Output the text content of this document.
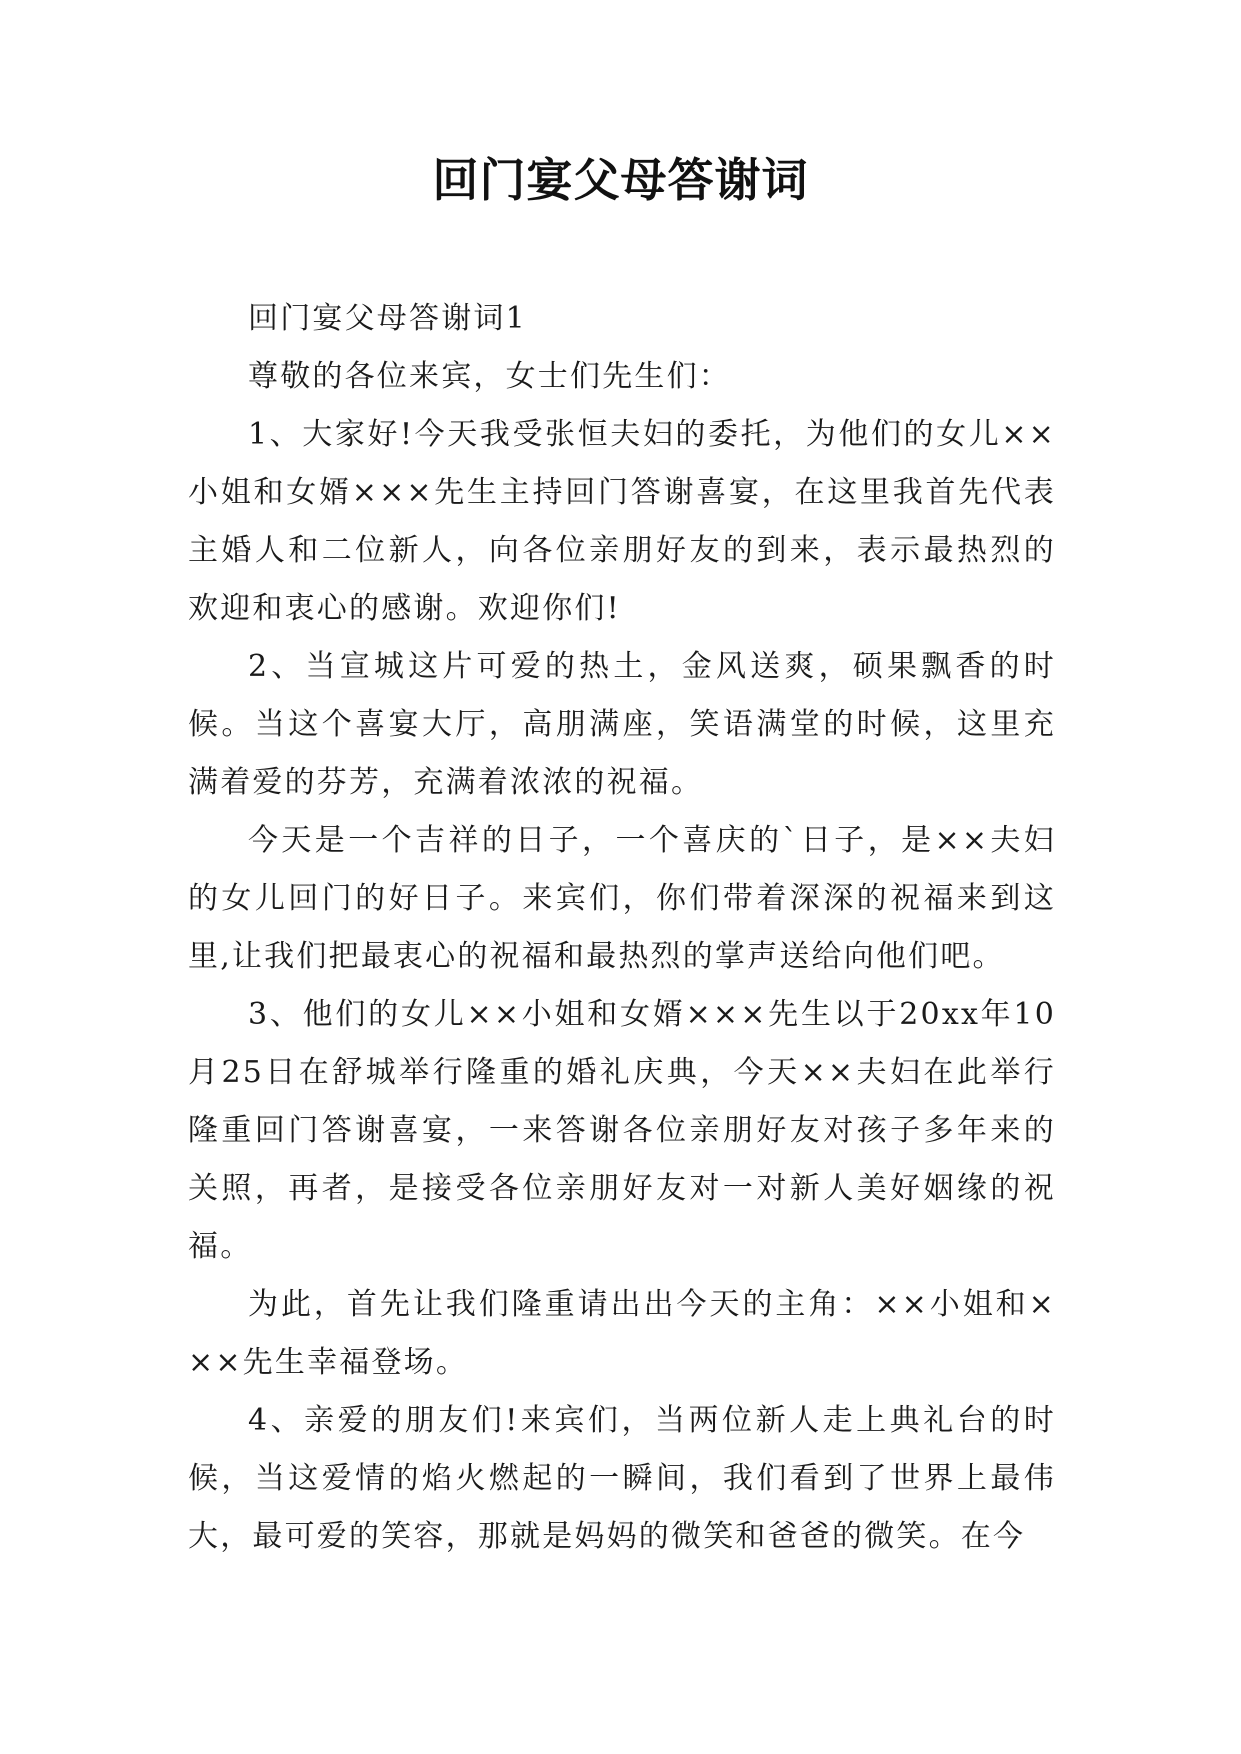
回门宴父母答谢词

回门宴父母答谢词1

尊敬的各位来宾，女士们先生们：

1、大家好!今天我受张恒夫妇的委托，为他们的女儿××小姐和女婿×××先生主持回门答谢喜宴，在这里我首先代表主婚人和二位新人，向各位亲朋好友的到来，表示最热烈的欢迎和衷心的感谢。欢迎你们!

2、当宣城这片可爱的热土，金风送爽，硕果飘香的时候。当这个喜宴大厅，高朋满座，笑语满堂的时候，这里充满着爱的芬芳，充满着浓浓的祝福。

今天是一个吉祥的日子，一个喜庆的`日子，是××夫妇的女儿回门的好日子。来宾们，你们带着深深的祝福来到这里,让我们把最衷心的祝福和最热烈的掌声送给向他们吧。

3、他们的女儿××小姐和女婿×××先生以于20xx年10月25日在舒城举行隆重的婚礼庆典，今天××夫妇在此举行隆重回门答谢喜宴，一来答谢各位亲朋好友对孩子多年来的关照，再者，是接受各位亲朋好友对一对新人美好姻缘的祝福。

为此，首先让我们隆重请出出今天的主角：××小姐和×××先生幸福登场。

4、亲爱的朋友们!来宾们，当两位新人走上典礼台的时候，当这爱情的焰火燃起的一瞬间，我们看到了世界上最伟大，最可爱的笑容，那就是妈妈的微笑和爸爸的微笑。在今
